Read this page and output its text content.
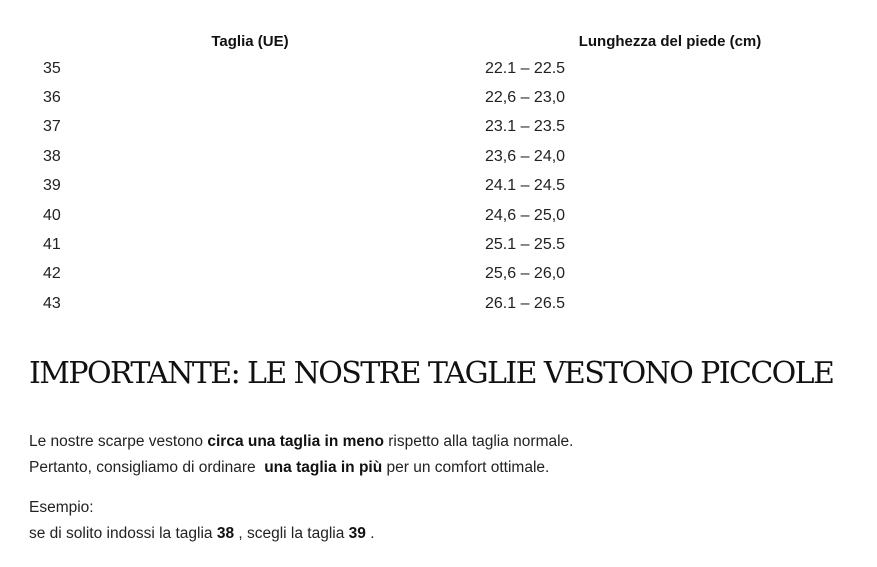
Taglia (UE)	Lunghezza del piede (cm)
35	22.1 – 22.5
36	22,6 – 23,0
37	23.1 – 23.5
38	23,6 – 24,0
39	24.1 – 24.5
40	24,6 – 25,0
41	25.1 – 25.5
42	25,6 – 26,0
43	26.1 – 26.5
IMPORTANTE: LE NOSTRE TAGLIE VESTONO PICCOLE

Le nostre scarpe vestono circa una taglia in meno rispetto alla taglia normale.
Pertanto, consigliamo di ordinare  una taglia in più per un comfort ottimale.

Esempio:
se di solito indossi la taglia 38 , scegli la taglia 39 .
